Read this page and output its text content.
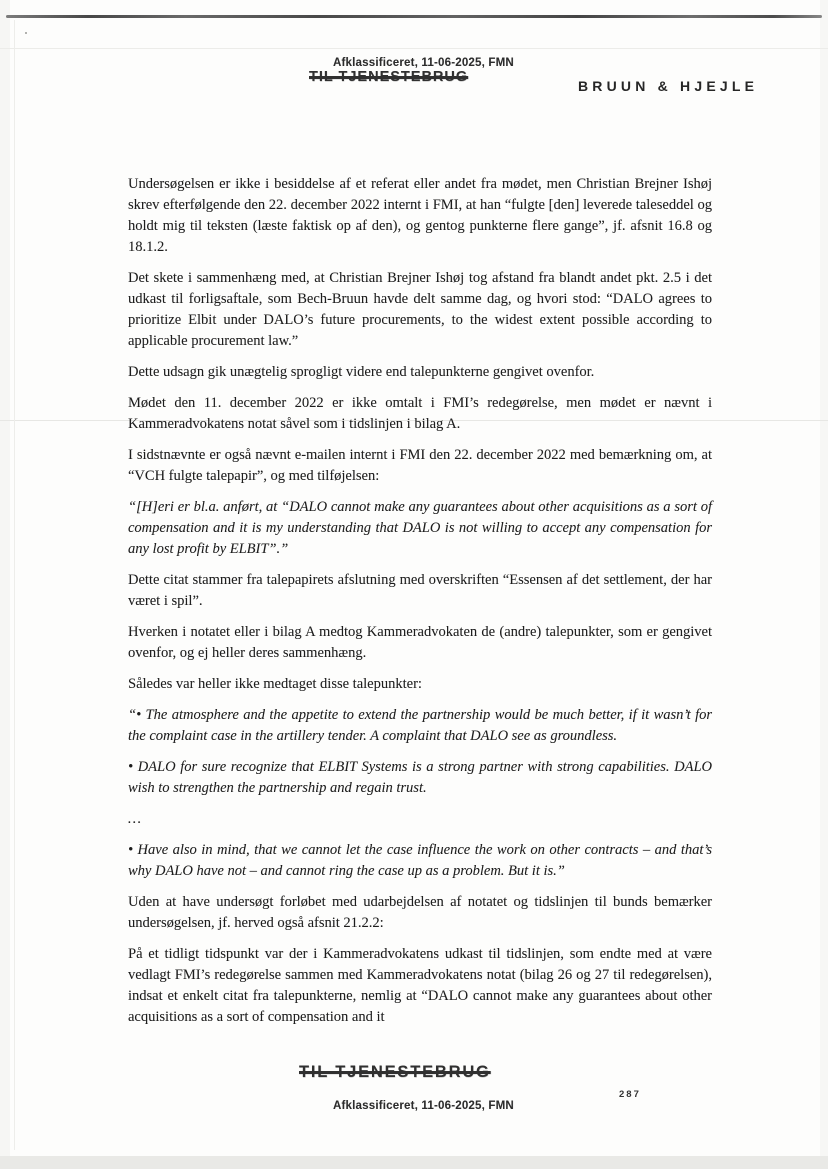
Afklassificeret, 11-06-2025, FMN
TIL TJENESTEBRUG
BRUUN & HJEJLE

Undersøgelsen er ikke i besiddelse af et referat eller andet fra mødet, men Christian Brejner Ishøj skrev efterfølgende den 22. december 2022 internt i FMI, at han “fulgte [den] leverede taleseddel og holdt mig til teksten (læste faktisk op af den), og gentog punkterne flere gange”, jf. afsnit 16.8 og 18.1.2.

Det skete i sammenhæng med, at Christian Brejner Ishøj tog afstand fra blandt andet pkt. 2.5 i det udkast til forligsaftale, som Bech-Bruun havde delt samme dag, og hvori stod: “DALO agrees to prioritize Elbit under DALO’s future procurements, to the widest extent possible according to applicable procurement law.”

Dette udsagn gik unægtelig sprogligt videre end talepunkterne gengivet ovenfor.

Mødet den 11. december 2022 er ikke omtalt i FMI’s redegørelse, men mødet er nævnt i Kammeradvokatens notat såvel som i tidslinjen i bilag A.

I sidstnævnte er også nævnt e-mailen internt i FMI den 22. december 2022 med bemærkning om, at “VCH fulgte talepapir”, og med tilføjelsen:

“[H]eri er bl.a. anført, at “DALO cannot make any guarantees about other acquisitions as a sort of compensation and it is my understanding that DALO is not willing to accept any compensation for any lost profit by ELBIT”.”

Dette citat stammer fra talepapirets afslutning med overskriften “Essensen af det settlement, der har været i spil”.

Hverken i notatet eller i bilag A medtog Kammeradvokaten de (andre) talepunkter, som er gengivet ovenfor, og ej heller deres sammenhæng.

Således var heller ikke medtaget disse talepunkter:

“• The atmosphere and the appetite to extend the partnership would be much better, if it wasn’t for the complaint case in the artillery tender. A complaint that DALO see as groundless.

• DALO for sure recognize that ELBIT Systems is a strong partner with strong capabilities. DALO wish to strengthen the partnership and regain trust.

…

• Have also in mind, that we cannot let the case influence the work on other contracts – and that’s why DALO have not – and cannot ring the case up as a problem. But it is.”

Uden at have undersøgt forløbet med udarbejdelsen af notatet og tidslinjen til bunds bemærker undersøgelsen, jf. herved også afsnit 21.2.2:

På et tidligt tidspunkt var der i Kammeradvokatens udkast til tidslinjen, som endte med at være vedlagt FMI’s redegørelse sammen med Kammeradvokatens notat (bilag 26 og 27 til redegørelsen), indsat et enkelt citat fra talepunkterne, nemlig at “DALO cannot make any guarantees about other acquisitions as a sort of compensation and it

TIL TJENESTEBRUG
287
Afklassificeret, 11-06-2025, FMN
